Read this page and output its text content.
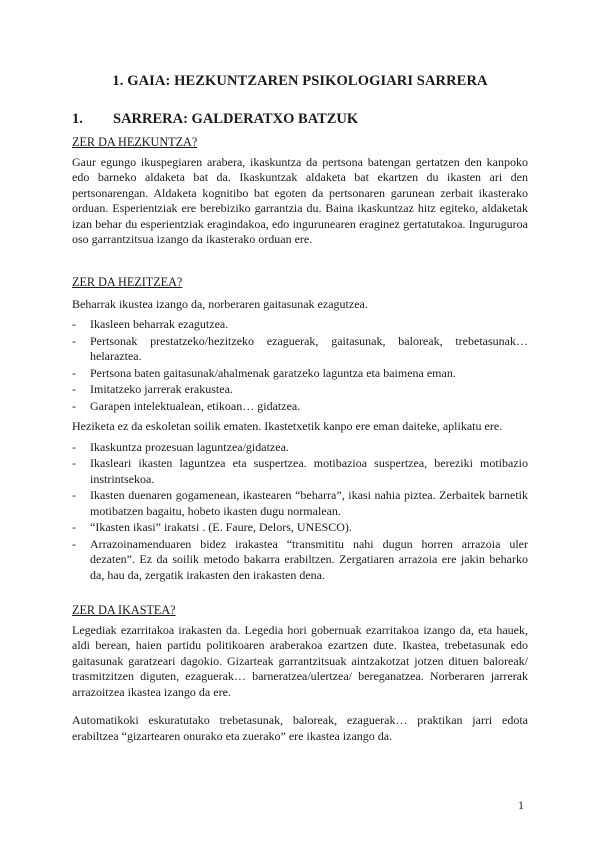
1. GAIA: HEZKUNTZAREN PSIKOLOGIARI SARRERA
1. SARRERA: GALDERATXO BATZUK

ZER DA HEZKUNTZA?

Gaur egungo ikuspegiaren arabera, ikaskuntza da pertsona batengan gertatzen den kanpoko edo barneko aldaketa bat da. Ikaskuntzak aldaketa bat ekartzen du ikasten ari den pertsonarengan. Aldaketa kognitibo bat egoten da pertsonaren garunean zerbait ikasterako orduan. Esperientziak ere berebiziko garrantzia du. Baina ikaskuntzaz hitz egiteko, aldaketak izan behar du esperientziak eragindakoa, edo ingurunearen eraginez gertatutakoa. Inguruguroa oso garrantzitsua izango da ikasterako orduan ere.

ZER DA HEZITZEA?

Beharrak ikustea izango da, norberaren gaitasunak ezagutzea.

- Ikasleen beharrak ezagutzea.
- Pertsonak prestatzeko/hezitzeko ezaguerak, gaitasunak, baloreak, trebetasunak… helaraztea.
- Pertsona baten gaitasunak/ahalmenak garatzeko laguntza eta baimena eman.
- Imitatzeko jarrerak erakustea.
- Garapen intelektualean, etikoan… gidatzea.

Heziketa ez da eskoletan soilik ematen. Ikastetxetik kanpo ere eman daiteke, aplikatu ere.

- Ikaskuntza prozesuan laguntzea/gidatzea.
- Ikasleari ikasten laguntzea eta suspertzea. motibazioa suspertzea, bereziki motibazio instrintsekoa.
- Ikasten duenaren gogamenean, ikastearen “beharra”, ikasi nahia piztea. Zerbaitek barnetik motibatzen bagaitu, hobeto ikasten dugu normalean.
- “Ikasten ikasi” irakatsi . (E. Faure, Delors, UNESCO).
- Arrazoinamenduaren bidez irakastea “transmititu nahi dugun horren arrazoia uler dezaten”. Ez da soilik metodo bakarra erabiltzen. Zergatiaren arrazoia ere jakin beharko da, hau da, zergatik irakasten den irakasten dena.

ZER DA IKASTEA?

Legediak ezarritakoa irakasten da. Legedia hori gobernuak ezarritakoa izango da, eta hauek, aldi berean, haien partidu politikoaren araberakoa ezartzen dute. Ikastea, trebetasunak edo gaitasunak garatzeari dagokio. Gizarteak garrantzitsuak aintzakotzat jotzen dituen baloreak/ trasmitzitzen diguten, ezaguerak… barneratzea/ulertzea/ bereganatzea. Norberaren jarrerak arrazoitzea ikastea izango da ere.

Automatikoki eskuratutako trebetasunak, baloreak, ezaguerak… praktikan jarri edota erabiltzea “gizartearen onurako eta zuerako” ere ikastea izango da.

1
